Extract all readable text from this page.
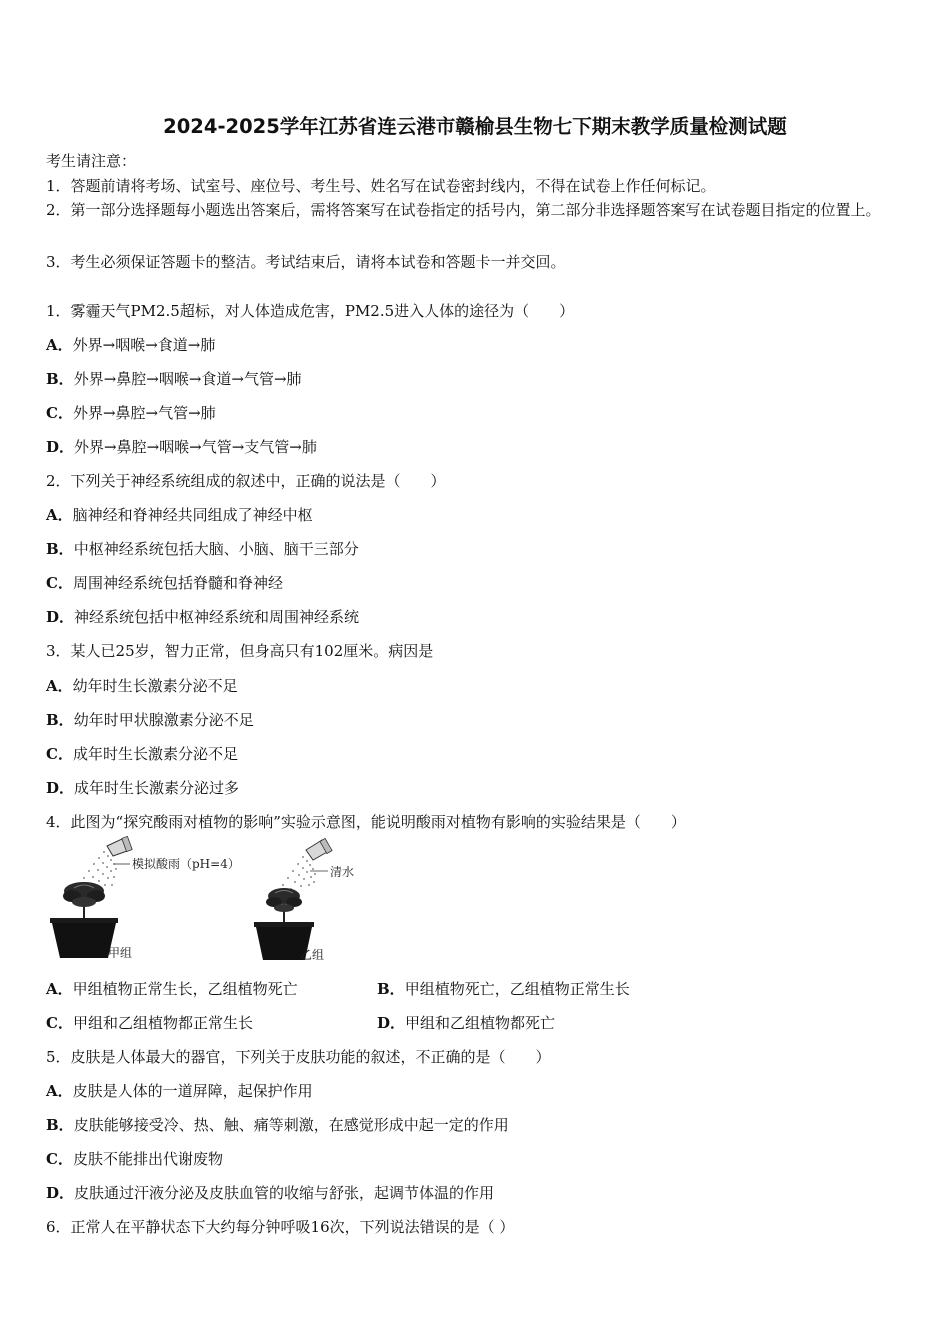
2024-2025学年江苏省连云港市赣榆县生物七下期末教学质量检测试题
考生请注意：
1．答题前请将考场、试室号、座位号、考生号、姓名写在试卷密封线内，不得在试卷上作任何标记。
2．第一部分选择题每小题选出答案后，需将答案写在试卷指定的括号内，第二部分非选择题答案写在试卷题目指定的位置上。
3．考生必须保证答题卡的整洁。考试结束后，请将本试卷和答题卡一并交回。
1．雾霾天气PM2.5超标，对人体造成危害，PM2.5进入人体的途径为（　　）
A．外界→咽喉→食道→肺
B．外界→鼻腔→咽喉→食道→气管→肺
C．外界→鼻腔→气管→肺
D．外界→鼻腔→咽喉→气管→支气管→肺
2．下列关于神经系统组成的叙述中，正确的说法是（　　）
A．脑神经和脊神经共同组成了神经中枢
B．中枢神经系统包括大脑、小脑、脑干三部分
C．周围神经系统包括脊髓和脊神经
D．神经系统包括中枢神经系统和周围神经系统
3．某人已25岁，智力正常，但身高只有102厘米。病因是
A．幼年时生长激素分泌不足
B．幼年时甲状腺激素分泌不足
C．成年时生长激素分泌不足
D．成年时生长激素分泌过多
4．此图为“探究酸雨对植物的影响”实验示意图，能说明酸雨对植物有影响的实验结果是（　　）
模拟酸雨（pH=4）
甲组
清水
乙组
A．甲组植物正常生长，乙组植物死亡	B．甲组植物死亡，乙组植物正常生长
C．甲组和乙组植物都正常生长	D．甲组和乙组植物都死亡
5．皮肤是人体最大的器官，下列关于皮肤功能的叙述，不正确的是（　　）
A．皮肤是人体的一道屏障，起保护作用
B．皮肤能够接受冷、热、触、痛等刺激，在感觉形成中起一定的作用
C．皮肤不能排出代谢废物
D．皮肤通过汗液分泌及皮肤血管的收缩与舒张，起调节体温的作用
6．正常人在平静状态下大约每分钟呼吸16次，下列说法错误的是（ ）
